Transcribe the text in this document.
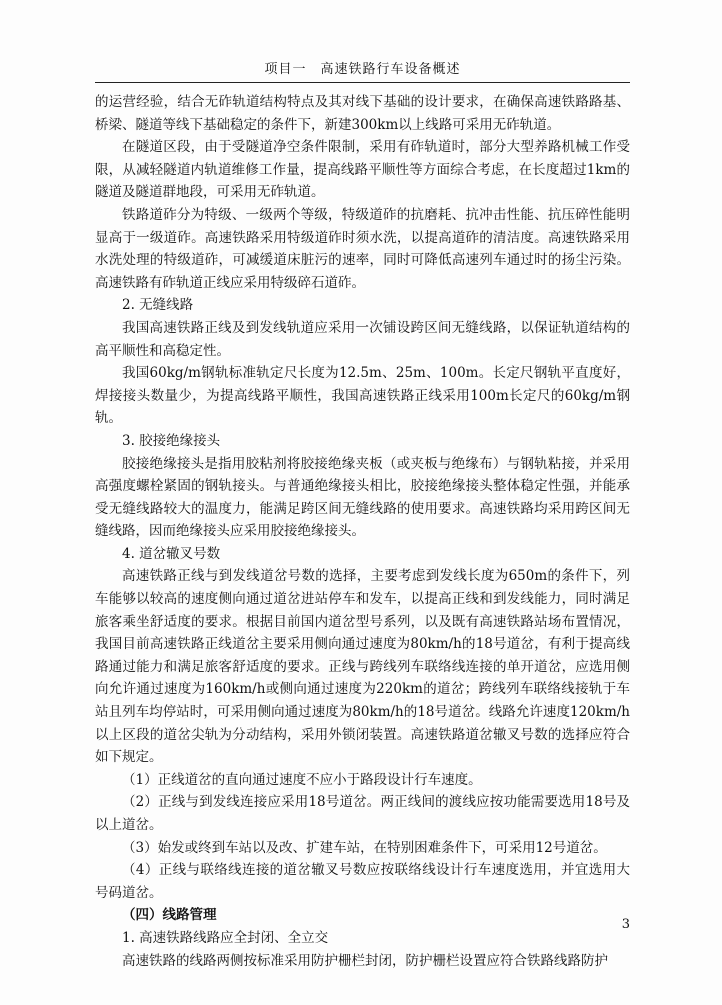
项目一　高速铁路行车设备概述

的运营经验，结合无砟轨道结构特点及其对线下基础的设计要求，在确保高速铁路路基、桥梁、隧道等线下基础稳定的条件下，新建300km以上线路可采用无砟轨道。

在隧道区段，由于受隧道净空条件限制，采用有砟轨道时，部分大型养路机械工作受限，从减轻隧道内轨道维修工作量，提高线路平顺性等方面综合考虑，在长度超过1km的隧道及隧道群地段，可采用无砟轨道。

铁路道砟分为特级、一级两个等级，特级道砟的抗磨耗、抗冲击性能、抗压碎性能明显高于一级道砟。高速铁路采用特级道砟时须水洗，以提高道砟的清洁度。高速铁路采用水洗处理的特级道砟，可减缓道床脏污的速率，同时可降低高速列车通过时的扬尘污染。高速铁路有砟轨道正线应采用特级碎石道砟。

2. 无缝线路

我国高速铁路正线及到发线轨道应采用一次铺设跨区间无缝线路，以保证轨道结构的高平顺性和高稳定性。

我国60kg/m钢轨标准轨定尺长度为12.5m、25m、100m。长定尺钢轨平直度好，焊接接头数量少，为提高线路平顺性，我国高速铁路正线采用100m长定尺的60kg/m钢轨。

3. 胶接绝缘接头

胶接绝缘接头是指用胶粘剂将胶接绝缘夹板（或夹板与绝缘布）与钢轨粘接，并采用高强度螺栓紧固的钢轨接头。与普通绝缘接头相比，胶接绝缘接头整体稳定性强，并能承受无缝线路较大的温度力，能满足跨区间无缝线路的使用要求。高速铁路均采用跨区间无缝线路，因而绝缘接头应采用胶接绝缘接头。

4. 道岔辙叉号数

高速铁路正线与到发线道岔号数的选择，主要考虑到发线长度为650m的条件下，列车能够以较高的速度侧向通过道岔进站停车和发车，以提高正线和到发线能力，同时满足旅客乘坐舒适度的要求。根据目前国内道岔型号系列，以及既有高速铁路站场布置情况，我国目前高速铁路正线道岔主要采用侧向通过速度为80km/h的18号道岔，有利于提高线路通过能力和满足旅客舒适度的要求。正线与跨线列车联络线连接的单开道岔，应选用侧向允许通过速度为160km/h或侧向通过速度为220km的道岔；跨线列车联络线接轨于车站且列车均停站时，可采用侧向通过速度为80km/h的18号道岔。线路允许速度120km/h以上区段的道岔尖轨为分动结构，采用外锁闭装置。高速铁路道岔辙叉号数的选择应符合如下规定。

（1）正线道岔的直向通过速度不应小于路段设计行车速度。

（2）正线与到发线连接应采用18号道岔。两正线间的渡线应按功能需要选用18号及以上道岔。

（3）始发或终到车站以及改、扩建车站，在特别困难条件下，可采用12号道岔。

（4）正线与联络线连接的道岔辙叉号数应按联络线设计行车速度选用，并宜选用大号码道岔。

（四）线路管理

1. 高速铁路线路应全封闭、全立交

高速铁路的线路两侧按标准采用防护栅栏封闭，防护栅栏设置应符合铁路线路防护

3
